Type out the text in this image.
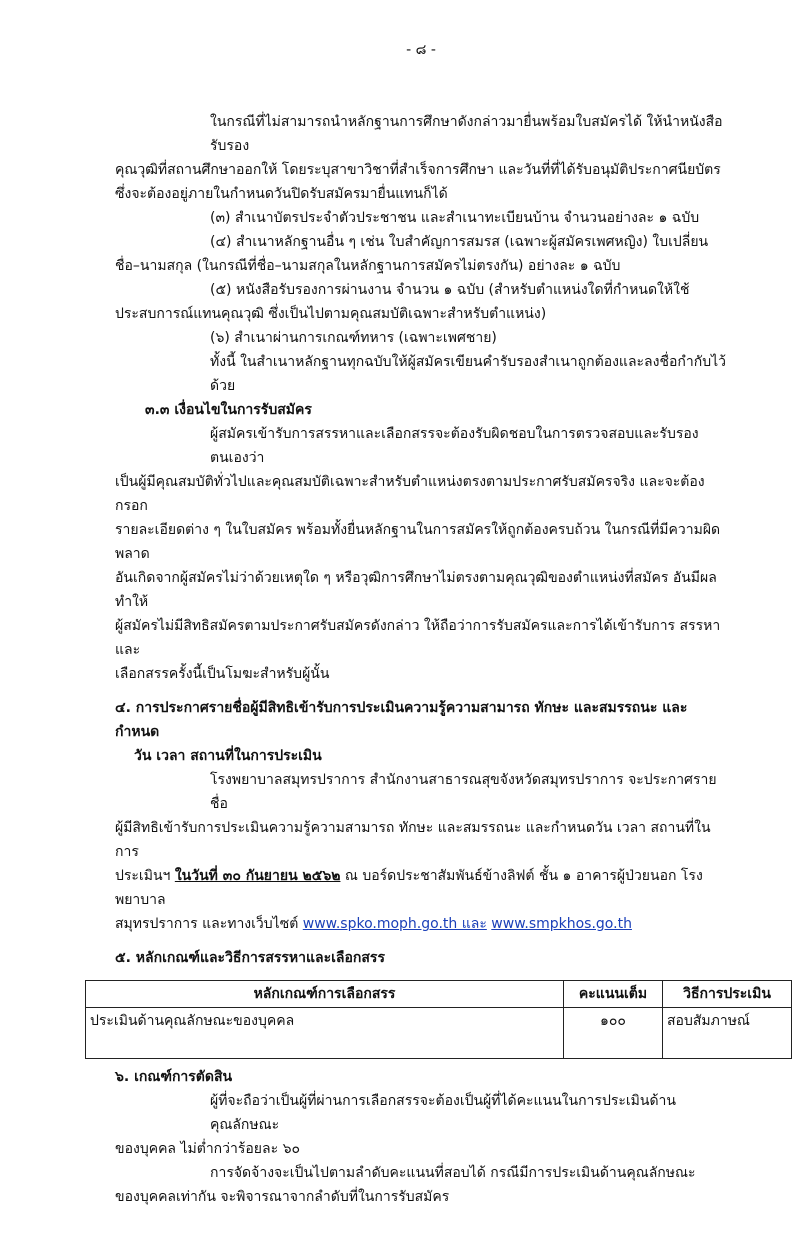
- ๘ -
ในกรณีที่ไม่สามารถนำหลักฐานการศึกษาดังกล่าวมายื่นพร้อมใบสมัครได้ ให้นำหนังสือรับรอง
คุณวุฒิที่สถานศึกษาออกให้ โดยระบุสาขาวิชาที่สำเร็จการศึกษา และวันที่ที่ได้รับอนุมัติประกาศนียบัตร
ซึ่งจะต้องอยู่ภายในกำหนดวันปิดรับสมัครมายื่นแทนก็ได้
(๓) สำเนาบัตรประจำตัวประชาชน และสำเนาทะเบียนบ้าน จำนวนอย่างละ ๑ ฉบับ
(๔) สำเนาหลักฐานอื่น ๆ เช่น ใบสำคัญการสมรส (เฉพาะผู้สมัครเพศหญิง) ใบเปลี่ยน
ชื่อ–นามสกุล (ในกรณีที่ชื่อ–นามสกุลในหลักฐานการสมัครไม่ตรงกัน) อย่างละ ๑ ฉบับ
(๕) หนังสือรับรองการผ่านงาน จำนวน ๑ ฉบับ (สำหรับตำแหน่งใดที่กำหนดให้ใช้
ประสบการณ์แทนคุณวุฒิ ซึ่งเป็นไปตามคุณสมบัติเฉพาะสำหรับตำแหน่ง)
(๖) สำเนาผ่านการเกณฑ์ทหาร (เฉพาะเพศชาย)
ทั้งนี้ ในสำเนาหลักฐานทุกฉบับให้ผู้สมัครเขียนคำรับรองสำเนาถูกต้องและลงชื่อกำกับไว้ด้วย
๓.๓ เงื่อนไขในการรับสมัคร
ผู้สมัครเข้ารับการสรรหาและเลือกสรรจะต้องรับผิดชอบในการตรวจสอบและรับรองตนเองว่า
เป็นผู้มีคุณสมบัติทั่วไปและคุณสมบัติเฉพาะสำหรับตำแหน่งตรงตามประกาศรับสมัครจริง และจะต้องกรอก
รายละเอียดต่าง ๆ ในใบสมัคร พร้อมทั้งยื่นหลักฐานในการสมัครให้ถูกต้องครบถ้วน ในกรณีที่มีความผิดพลาด
อันเกิดจากผู้สมัครไม่ว่าด้วยเหตุใด ๆ หรือวุฒิการศึกษาไม่ตรงตามคุณวุฒิของตำแหน่งที่สมัคร อันมีผลทำให้
ผู้สมัครไม่มีสิทธิสมัครตามประกาศรับสมัครดังกล่าว ให้ถือว่าการรับสมัครและการได้เข้ารับการ สรรหาและ
เลือกสรรครั้งนี้เป็นโมฆะสำหรับผู้นั้น
๔. การประกาศรายชื่อผู้มีสิทธิเข้ารับการประเมินความรู้ความสามารถ ทักษะ และสมรรถนะ และกำหนด
วัน เวลา สถานที่ในการประเมิน
โรงพยาบาลสมุทรปราการ สำนักงานสาธารณสุขจังหวัดสมุทรปราการ จะประกาศรายชื่อ
ผู้มีสิทธิเข้ารับการประเมินความรู้ความสามารถ ทักษะ และสมรรถนะ และกำหนดวัน เวลา สถานที่ในการ
ประเมินฯ ในวันที่ ๓๐ กันยายน ๒๕๖๒ ณ บอร์ดประชาสัมพันธ์ข้างลิฟต์ ชั้น ๑ อาคารผู้ป่วยนอก โรงพยาบาล
สมุทรปราการ และทางเว็บไซต์ www.spko.moph.go.th และ www.smpkhos.go.th
๕. หลักเกณฑ์และวิธีการสรรหาและเลือกสรร
หลักเกณฑ์การเลือกสรร	คะแนนเต็ม	วิธีการประเมิน
ประเมินด้านคุณลักษณะของบุคคล	๑๐๐	สอบสัมภาษณ์
๖. เกณฑ์การตัดสิน
ผู้ที่จะถือว่าเป็นผู้ที่ผ่านการเลือกสรรจะต้องเป็นผู้ที่ได้คะแนนในการประเมินด้านคุณลักษณะ
ของบุคคล ไม่ต่ำกว่าร้อยละ ๖๐
การจัดจ้างจะเป็นไปตามลำดับคะแนนที่สอบได้ กรณีมีการประเมินด้านคุณลักษณะ
ของบุคคลเท่ากัน จะพิจารณาจากลำดับที่ในการรับสมัคร
